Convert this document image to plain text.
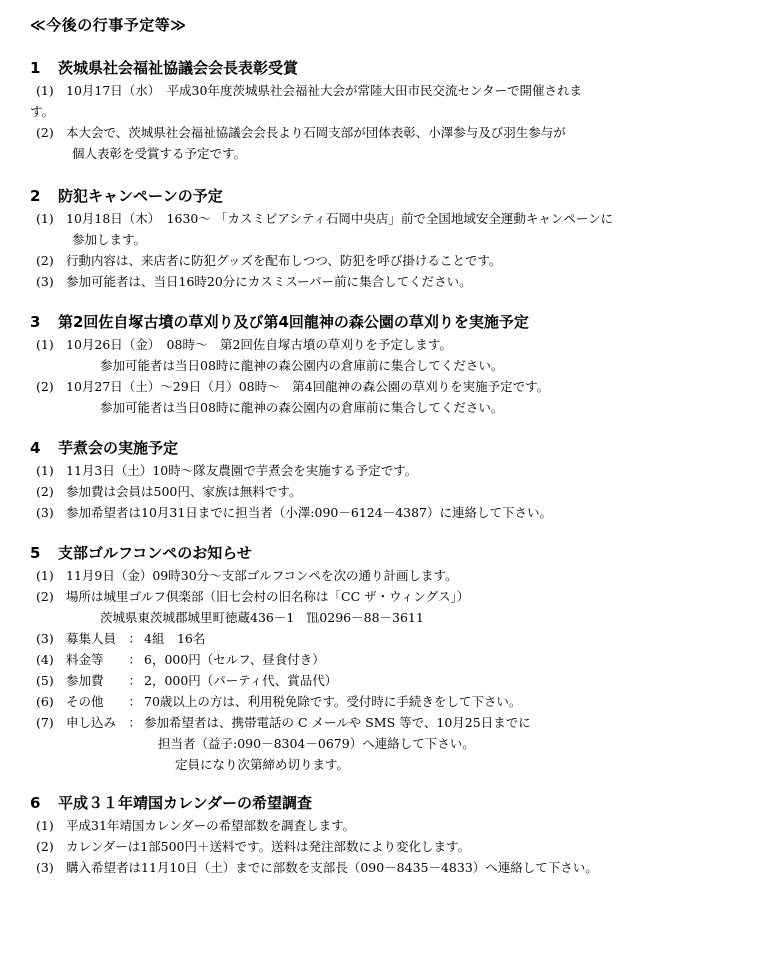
≪今後の行事予定等≫
1 茨城県社会福祉協議会会長表彰受賞
(1) 10月17日（水）　平成30年度茨城県社会福祉大会が常陸大田市民交流センターで開催されま
す。
(2) 本大会で、茨城県社会福祉協議会会長より石岡支部が団体表彰、小澤参与及び羽生参与が
個人表彰を受賞する予定です。
2 防犯キャンペーンの予定
(1) 10月18日（木）　1630～ 「カスミピアシティ石岡中央店」前で全国地域安全運動キャンペーンに
参加します。
(2) 行動内容は、来店者に防犯グッズを配布しつつ、防犯を呼び掛けることです。
(3) 参加可能者は、当日16時20分にカスミスーパー前に集合してください。
3 第2回佐自塚古墳の草刈り及び第4回龍神の森公園の草刈りを実施予定
(1) 10月26日（金）　08時～　第2回佐自塚古墳の草刈りを予定します。
参加可能者は当日08時に龍神の森公園内の倉庫前に集合してください。
(2) 10月27日（土）～29日（月）08時～　第4回龍神の森公園の草刈りを実施予定です。
参加可能者は当日08時に龍神の森公園内の倉庫前に集合してください。
4 芋煮会の実施予定
(1) 11月3日（土）10時～隊友農園で芋煮会を実施する予定です。
(2) 参加費は会員は500円、家族は無料です。
(3) 参加希望者は10月31日までに担当者（小澤:090－6124－4387）に連絡して下さい。
5 支部ゴルフコンペのお知らせ
(1) 11月9日（金）09時30分～支部ゴルフコンペを次の通り計画します。
(2) 場所は城里ゴルフ倶楽部（旧七会村の旧名称は「CC ザ・ウィングス」）
茨城県東茨城郡城里町徳蔵436－1　℡0296－88－3611
(3) 募集人員　： 4組　16名
(4) 料金等　　： 6，000円（セルフ、昼食付き）
(5) 参加費　　： 2，000円（パーティ代、賞品代）
(6) その他　　： 70歳以上の方は、利用税免除です。受付時に手続きをして下さい。
(7) 申し込み　： 参加希望者は、携帯電話の C メールや SMS 等で、10月25日までに
担当者（益子:090－8304－0679）へ連絡して下さい。
定員になり次第締め切ります。
6 平成３１年靖国カレンダーの希望調査
(1) 平成31年靖国カレンダーの希望部数を調査します。
(2) カレンダーは1部500円＋送料です。送料は発注部数により変化します。
(3) 購入希望者は11月10日（土）までに部数を支部長（090－8435－4833）へ連絡して下さい。
